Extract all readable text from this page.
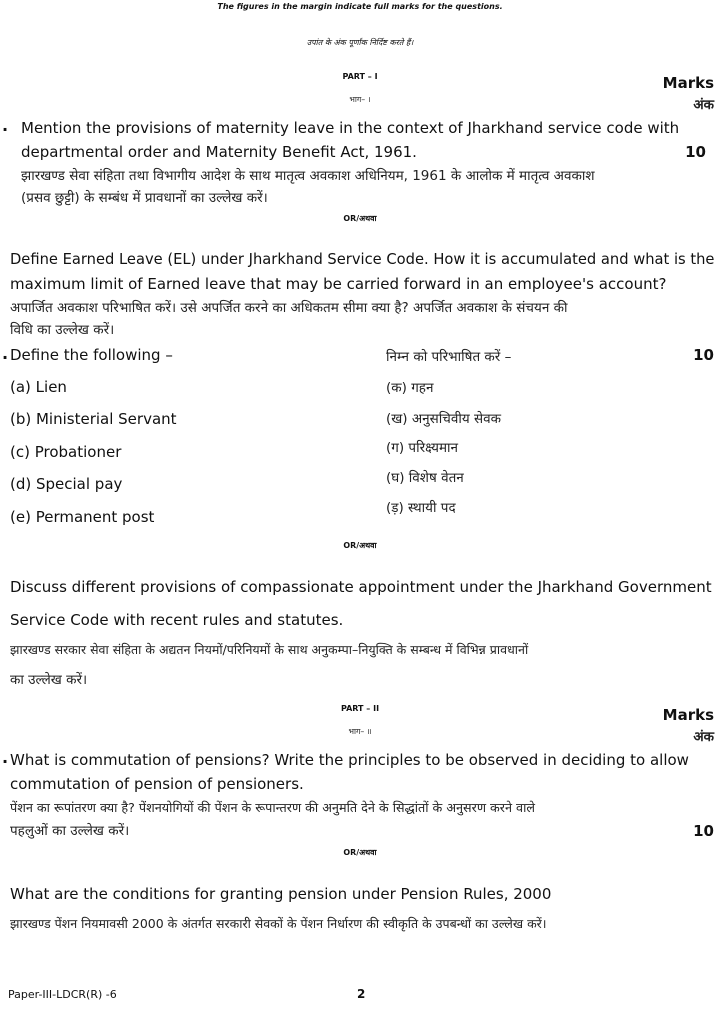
The figures in the margin indicate full marks for the questions.
उपांत के अंक पूर्णांक निर्दिष्ट करते हैं।
PART – I
भाग– ।
Marks
अंक
. Mention the provisions of maternity leave in the context of Jharkhand service code with
departmental order and Maternity Benefit Act, 1961.	10
झारखण्ड सेवा संहिता तथा विभागीय आदेश के साथ मातृत्व अवकाश अधिनियम, 1961 के आलोक में मातृत्व अवकाश
(प्रसव छुट्टी) के सम्बंध में प्रावधानों का उल्लेख करें।
OR/अथवा
Define Earned Leave (EL) under Jharkhand Service Code. How it is accumulated and what is the
maximum limit of Earned leave that may be carried forward in an employee's account?
अपार्जित अवकाश परिभाषित करें। उसे अपर्जित करने का अधिकतम सीमा क्या है? अपर्जित अवकाश के संचयन की
विधि का उल्लेख करें।
. Define the following –	निम्न को परिभाषित करें –	10
(a) Lien
(b) Ministerial Servant
(c) Probationer
(d) Special pay
(e) Permanent post
(क) गहन
(ख) अनुसचिवीय सेवक
(ग) परिक्ष्यमान
(घ) विशेष वेतन
(ड़) स्थायी पद
OR/अथवा
Discuss different provisions of compassionate appointment under the Jharkhand Government
Service Code with recent rules and statutes.
झारखण्ड सरकार सेवा संहिता के अद्यतन नियमों/परिनियमों के साथ अनुकम्पा–नियुक्ति के सम्बन्ध में विभिन्न प्रावधानों
का उल्लेख करें।
PART – II
भाग– ॥
Marks
अंक
. What is commutation of pensions? Write the principles to be observed in deciding to allow
commutation of pension of pensioners.
पेंशन का रूपांतरण क्या है? पेंशनयोगियों की पेंशन के रूपान्तरण की अनुमति देने के सिद्धांतों के अनुसरण करने वाले
पहलुओं का उल्लेख करें।	10
OR/अथवा
What are the conditions for granting pension under Pension Rules, 2000
झारखण्ड पेंशन नियमावसी 2000 के अंतर्गत सरकारी सेवकों के पेंशन निर्धारण की स्वीकृति के उपबन्धों का उल्लेख करें।
Paper-III-LDCR(R) -6	2
